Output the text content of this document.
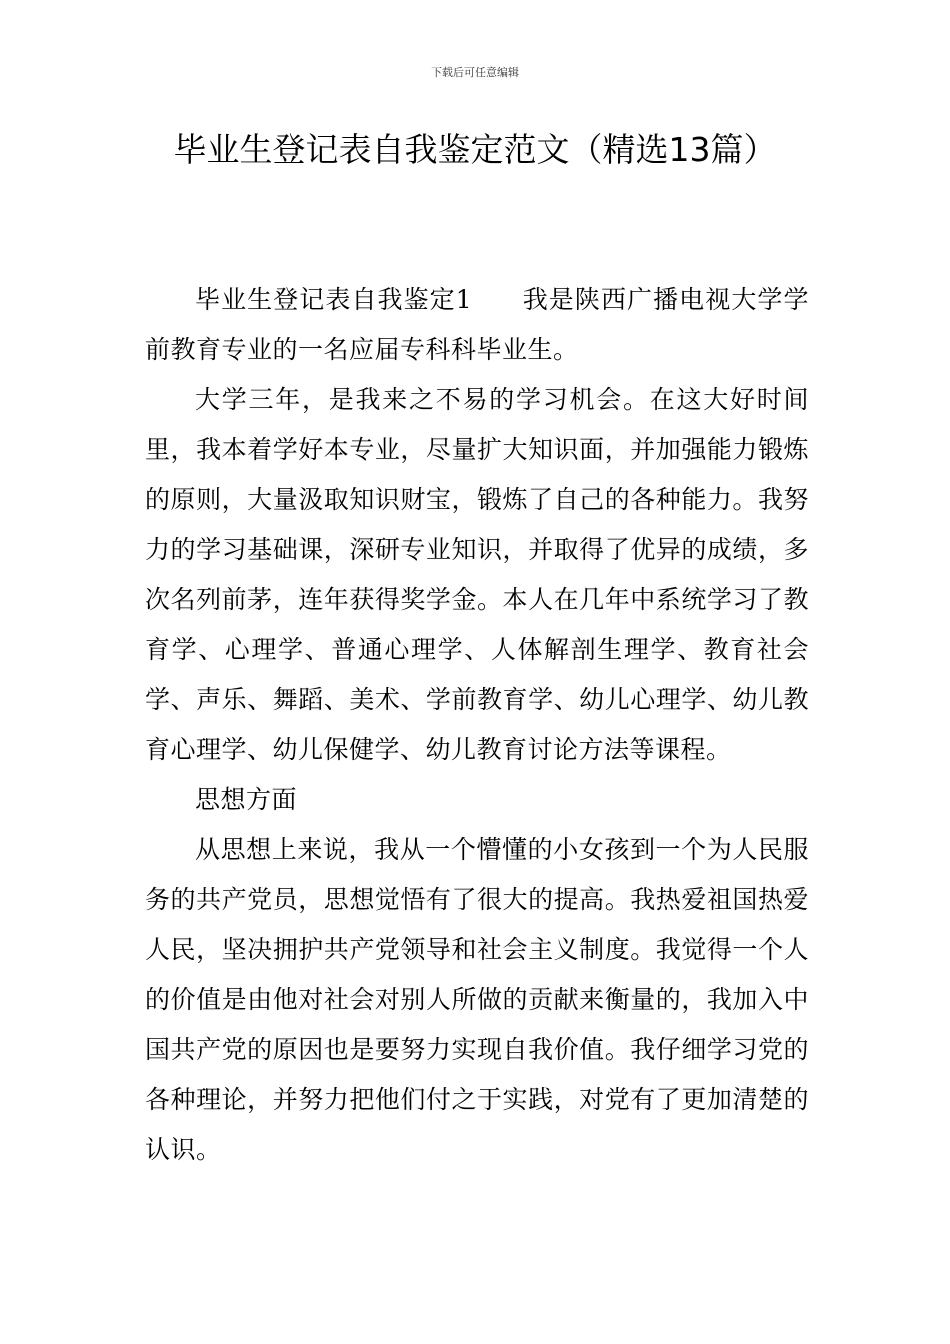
下载后可任意编辑
毕业生登记表自我鉴定范文（精选13篇）

毕业生登记表自我鉴定1 我是陕西广播电视大学学前教育专业的一名应届专科科毕业生。

大学三年，是我来之不易的学习机会。在这大好时间里，我本着学好本专业，尽量扩大知识面，并加强能力锻炼的原则，大量汲取知识财宝，锻炼了自己的各种能力。我努力的学习基础课，深研专业知识，并取得了优异的成绩，多次名列前茅，连年获得奖学金。本人在几年中系统学习了教育学、心理学、普通心理学、人体解剖生理学、教育社会学、声乐、舞蹈、美术、学前教育学、幼儿心理学、幼儿教育心理学、幼儿保健学、幼儿教育讨论方法等课程。

思想方面

从思想上来说，我从一个懵懂的小女孩到一个为人民服务的共产党员，思想觉悟有了很大的提高。我热爱祖国热爱人民，坚决拥护共产党领导和社会主义制度。我觉得一个人的价值是由他对社会对别人所做的贡献来衡量的，我加入中国共产党的原因也是要努力实现自我价值。我仔细学习党的各种理论，并努力把他们付之于实践，对党有了更加清楚的认识。
